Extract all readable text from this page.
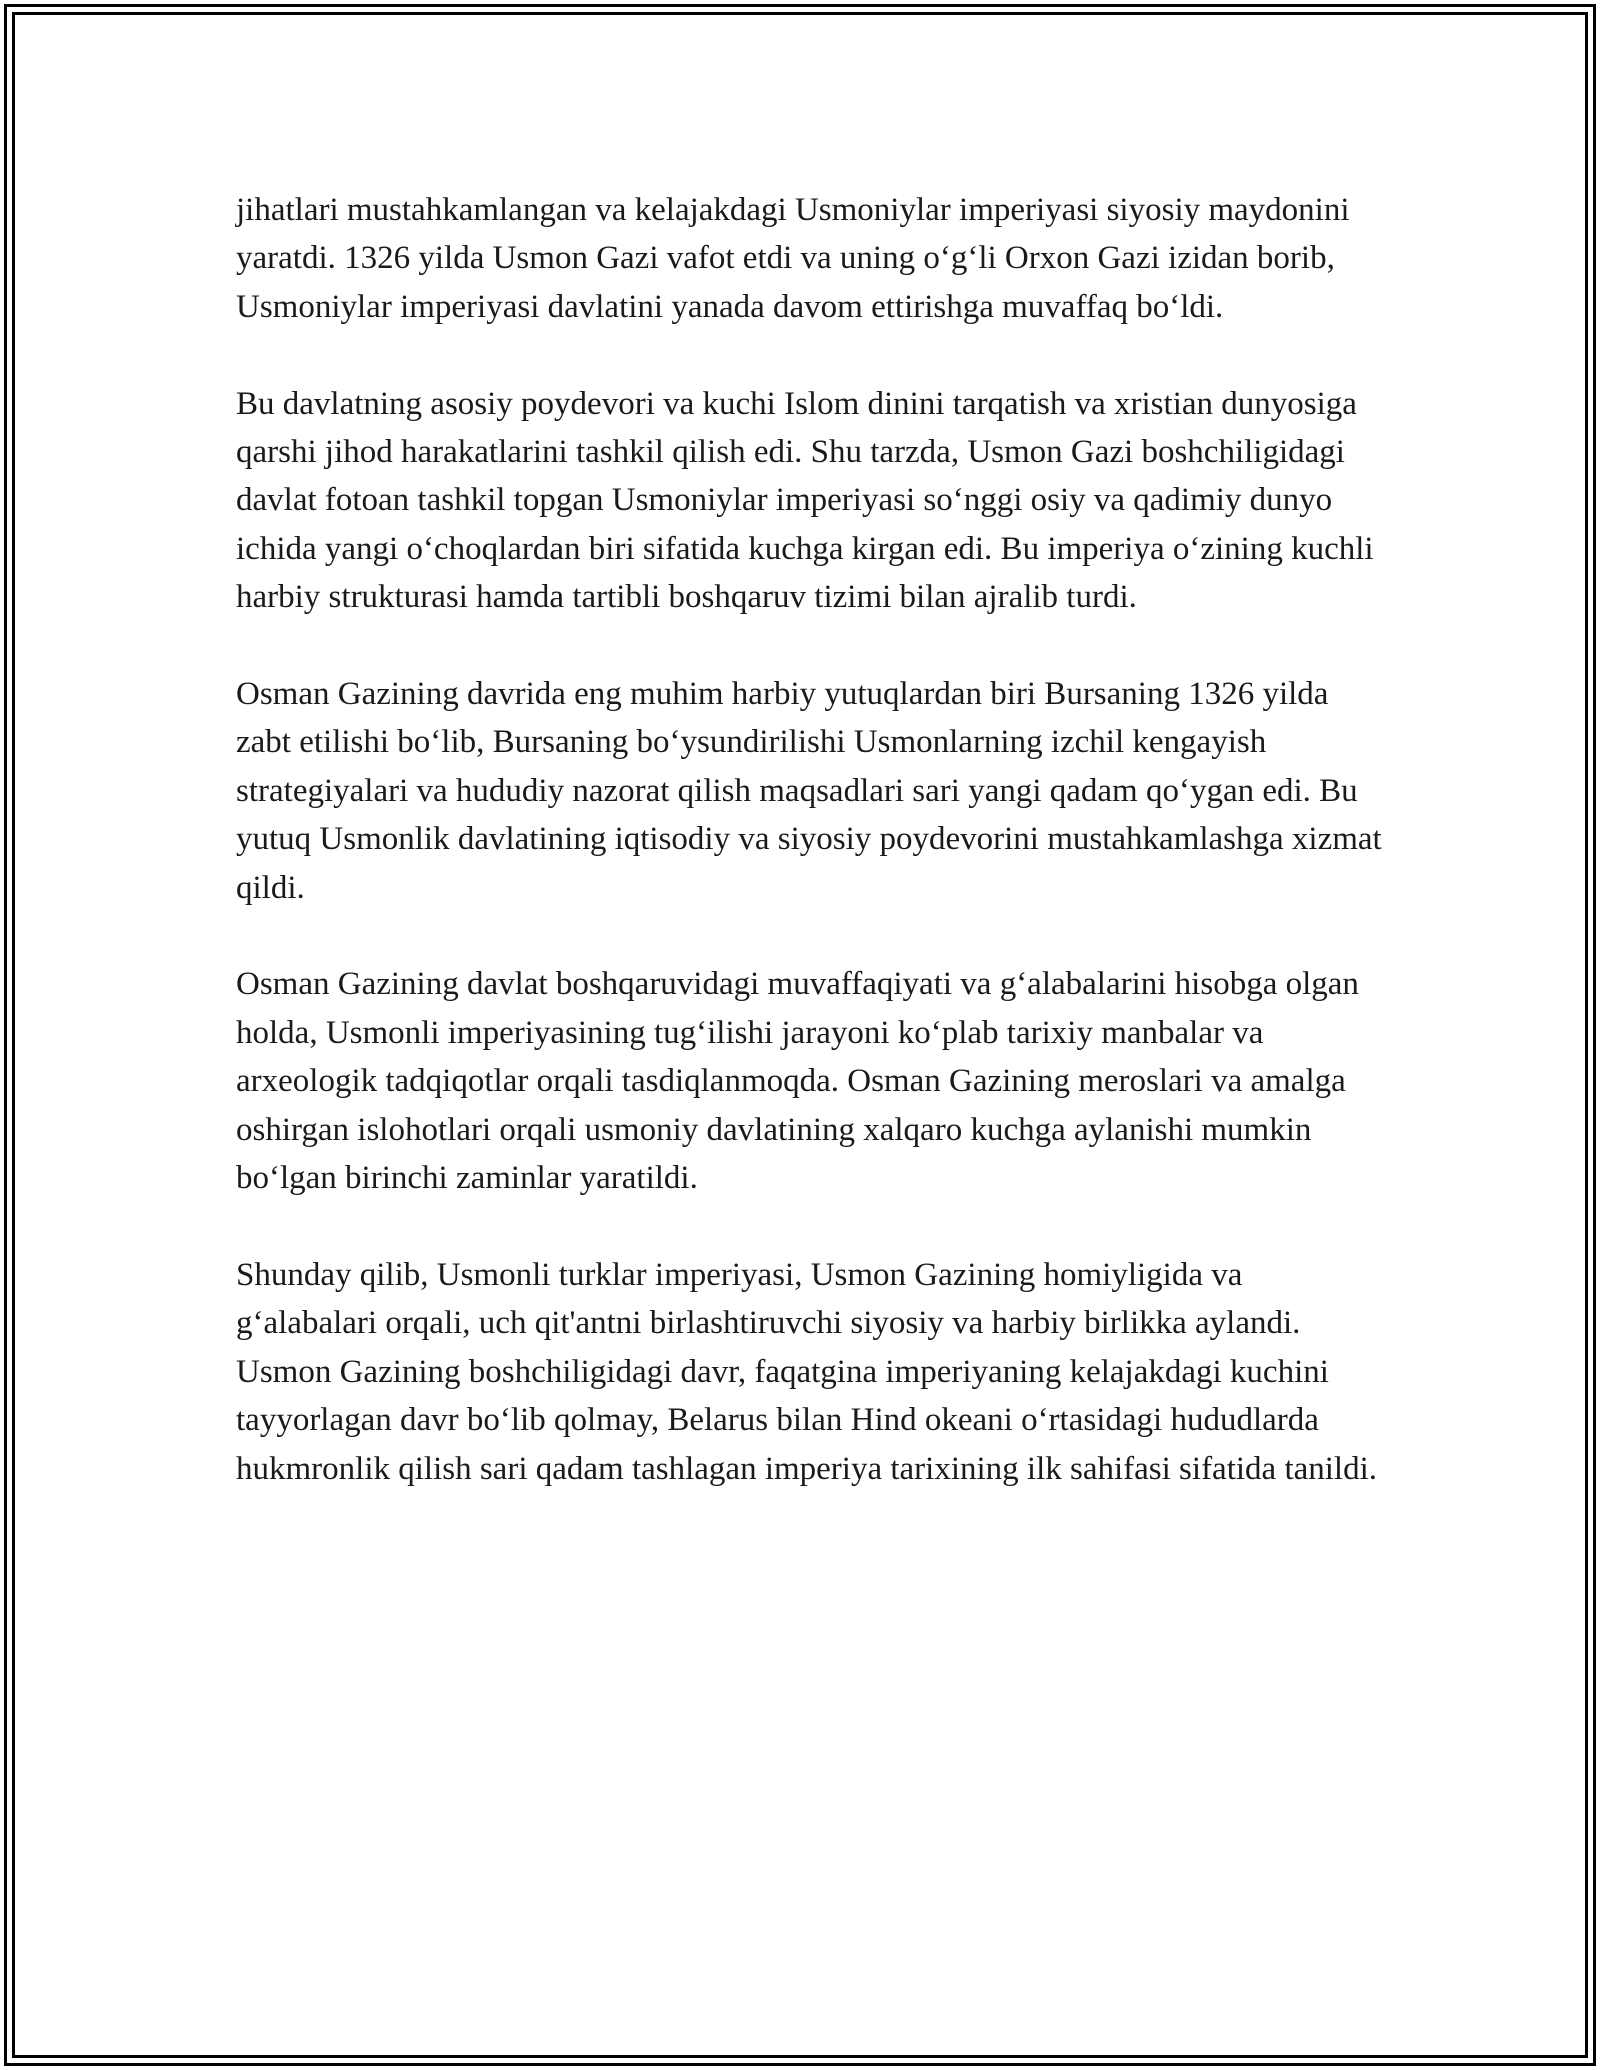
jihatlari mustahkamlangan va kelajakdagi Usmoniylar imperiyasi siyosiy maydonini yaratdi. 1326 yilda Usmon Gazi vafot etdi va uning o‘g‘li Orxon Gazi izidan borib, Usmoniylar imperiyasi davlatini yanada davom ettirishga muvaffaq bo‘ldi.

Bu davlatning asosiy poydevori va kuchi Islom dinini tarqatish va xristian dunyosiga qarshi jihod harakatlarini tashkil qilish edi. Shu tarzda, Usmon Gazi boshchiligidagi davlat fotoan tashkil topgan Usmoniylar imperiyasi so‘nggi osiy va qadimiy dunyo ichida yangi o‘choqlardan biri sifatida kuchga kirgan edi. Bu imperiya o‘zining kuchli harbiy strukturasi hamda tartibli boshqaruv tizimi bilan ajralib turdi.

Osman Gazining davrida eng muhim harbiy yutuqlardan biri Bursaning 1326 yilda zabt etilishi bo‘lib, Bursaning bo‘ysundirilishi Usmonlarning izchil kengayish strategiyalari va hududiy nazorat qilish maqsadlari sari yangi qadam qo‘ygan edi. Bu yutuq Usmonlik davlatining iqtisodiy va siyosiy poydevorini mustahkamlashga xizmat qildi.

Osman Gazining davlat boshqaruvidagi muvaffaqiyati va g‘alabalarini hisobga olgan holda, Usmonli imperiyasining tug‘ilishi jarayoni ko‘plab tarixiy manbalar va arxeologik tadqiqotlar orqali tasdiqlanmoqda. Osman Gazining meroslari va amalga oshirgan islohotlari orqali usmoniy davlatining xalqaro kuchga aylanishi mumkin bo‘lgan birinchi zaminlar yaratildi.

Shunday qilib, Usmonli turklar imperiyasi, Usmon Gazining homiyligida va g‘alabalari orqali, uch qit'antni birlashtiruvchi siyosiy va harbiy birlikka aylandi. Usmon Gazining boshchiligidagi davr, faqatgina imperiyaning kelajakdagi kuchini tayyorlagan davr bo‘lib qolmay, Belarus bilan Hind okeani o‘rtasidagi hududlarda hukmronlik qilish sari qadam tashlagan imperiya tarixining ilk sahifasi sifatida tanildi.
